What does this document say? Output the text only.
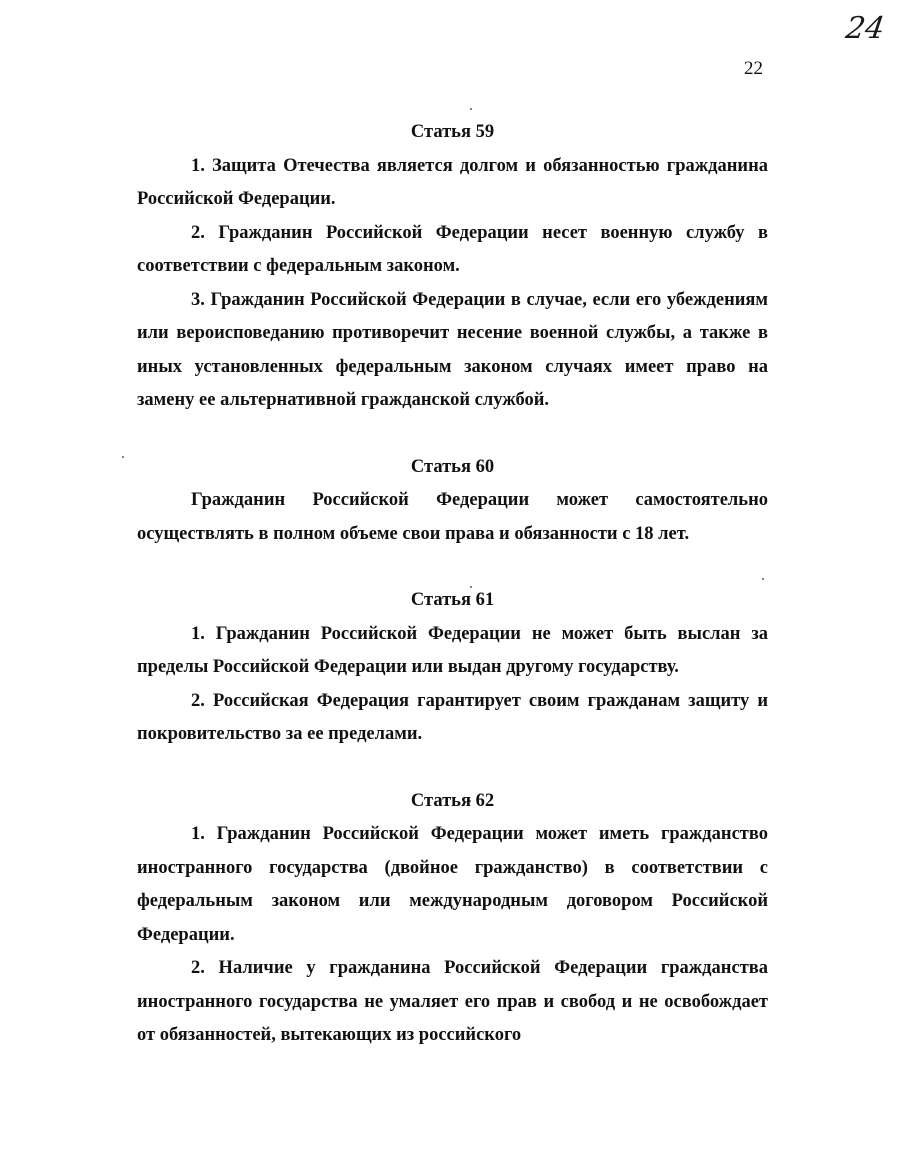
24
22
Статья 59

1. Защита Отечества является долгом и обязанностью гражданина Российской Федерации.

2. Гражданин Российской Федерации несет военную службу в соответствии с федеральным законом.

3. Гражданин Российской Федерации в случае, если его убеждениям или вероисповеданию противоречит несение военной службы, а также в иных установленных федеральным законом случаях имеет право на замену ее альтернативной гражданской службой.

Статья 60

Гражданин Российской Федерации может самостоятельно осуществлять в полном объеме свои права и обязанности с 18 лет.

Статья 61

1. Гражданин Российской Федерации не может быть выслан за пределы Российской Федерации или выдан другому государству.

2. Российская Федерация гарантирует своим гражданам защиту и покровительство за ее пределами.

Статья 62

1. Гражданин Российской Федерации может иметь гражданство иностранного государства (двойное гражданство) в соответствии с федеральным законом или международным договором Российской Федерации.

2. Наличие у гражданина Российской Федерации гражданства иностранного государства не умаляет его прав и свобод и не освобождает от обязанностей, вытекающих из российского
